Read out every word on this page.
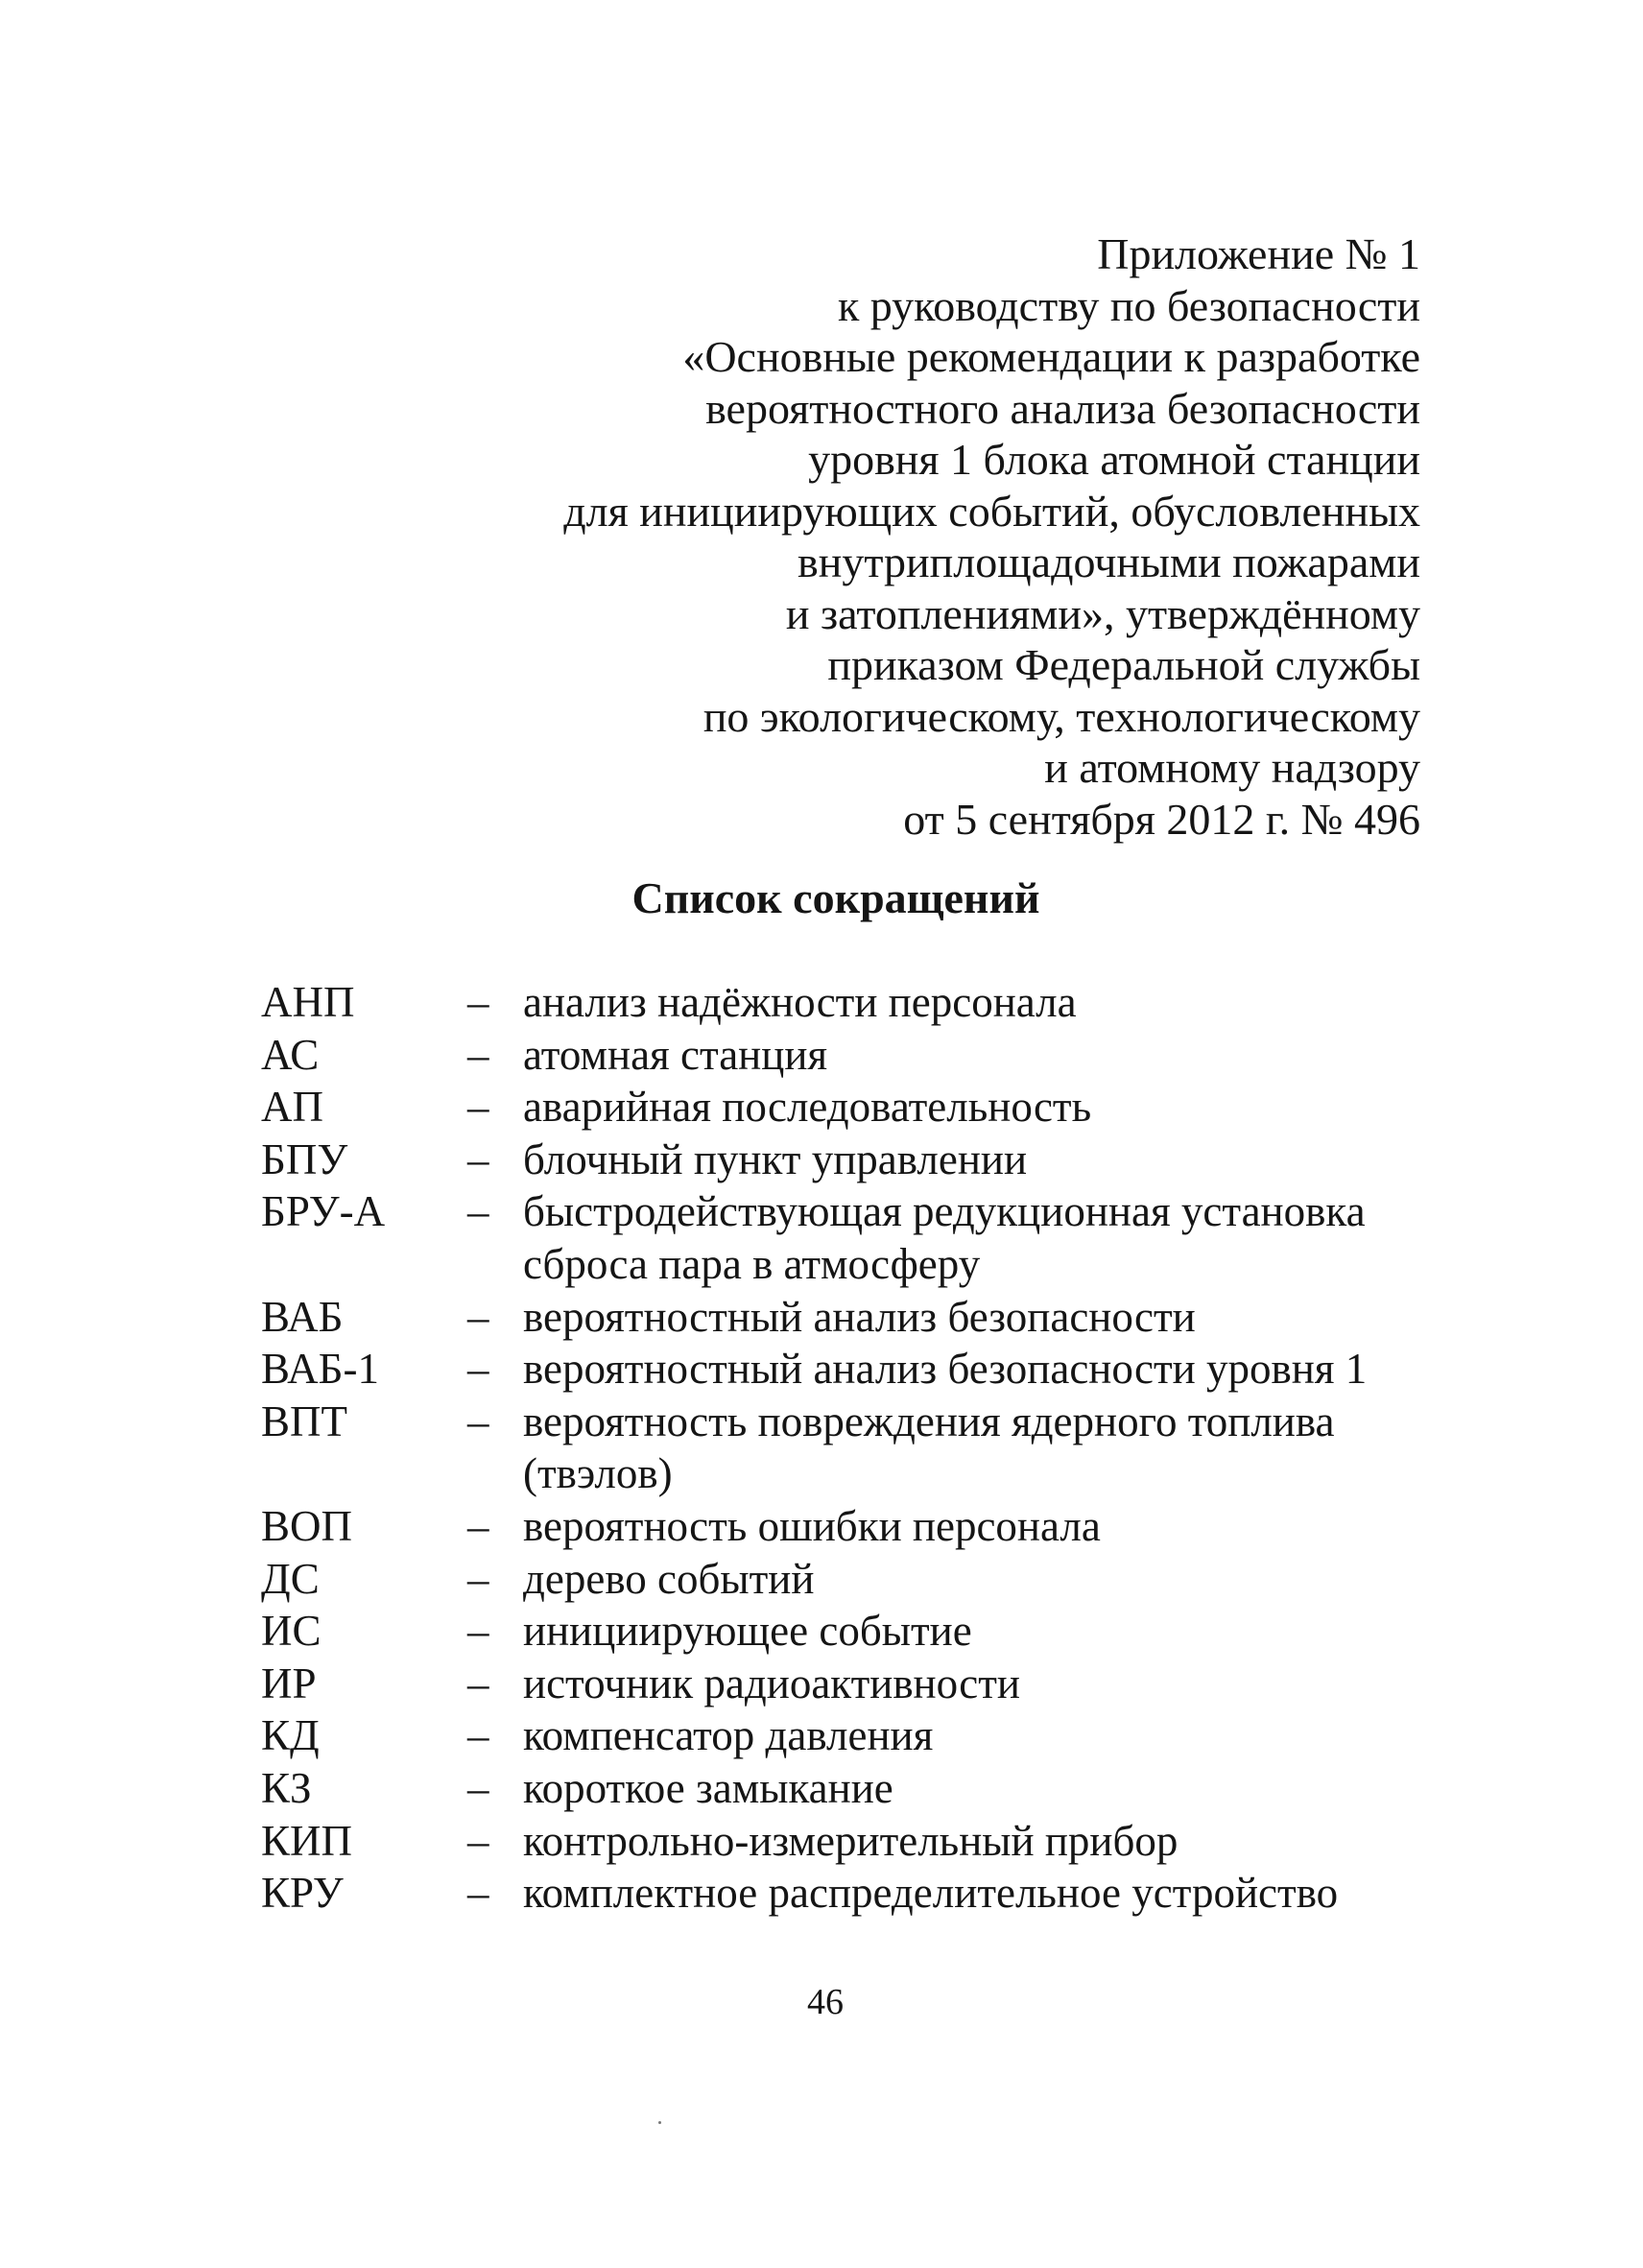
Приложение № 1
к руководству по безопасности
«Основные рекомендации к разработке
вероятностного анализа безопасности
уровня 1 блока атомной станции
для инициирующих событий, обусловленных
внутриплощадочными пожарами
и затоплениями», утверждённому
приказом Федеральной службы
по экологическому, технологическому
и атомному надзору
от 5 сентября 2012 г. № 496
Список сокращений
АНП	– анализ надёжности персонала
АС	– атомная станция
АП	– аварийная последовательность
БПУ	– блочный пункт управлении
БРУ-А	– быстродействующая редукционная установка
сброса пара в атмосферу
ВАБ	– вероятностный анализ безопасности
ВАБ-1	– вероятностный анализ безопасности уровня 1
ВПТ	– вероятность повреждения ядерного топлива
(твэлов)
ВОП	– вероятность ошибки персонала
ДС	– дерево событий
ИС	– инициирующее событие
ИР	– источник радиоактивности
КД	– компенсатор давления
КЗ	– короткое замыкание
КИП	– контрольно-измерительный прибор
КРУ	– комплектное распределительное устройство
46
